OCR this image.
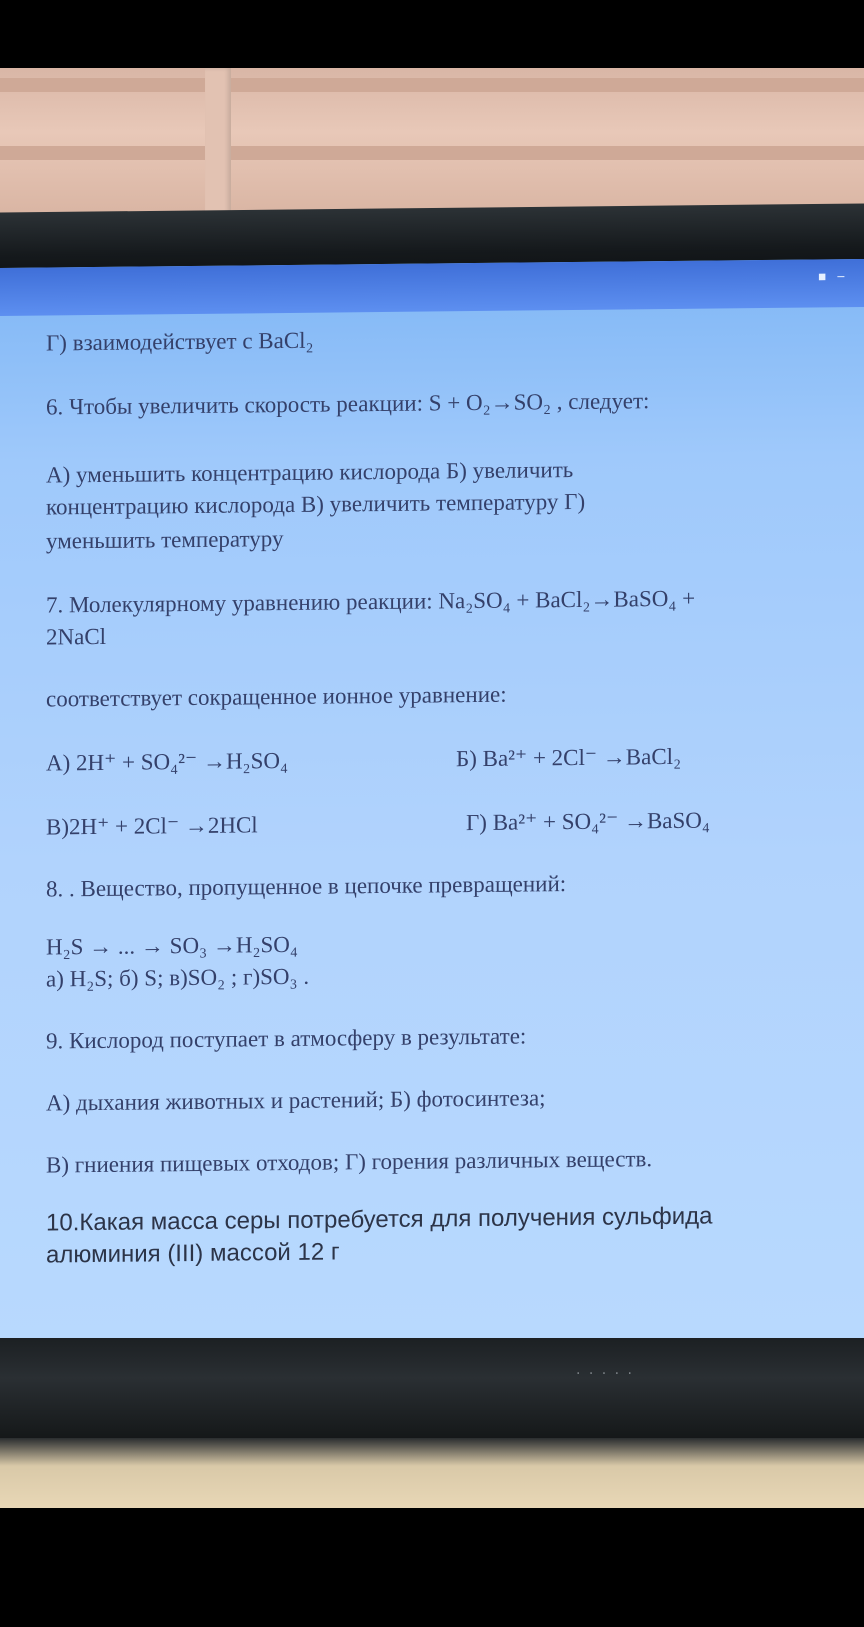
▪ ‒
Г) взаимодействует с BaCl₂
6. Чтобы увеличить скорость реакции: S + O₂→SO₂ , следует:
А) уменьшить концентрацию кислорода Б) увеличить
концентрацию кислорода В) увеличить температуру Г)
уменьшить температуру
7. Молекулярному уравнению реакции: Na₂SO₄ + BaCl₂→BaSO₄ +
2NaCl
соответствует сокращенное ионное уравнение:
А) 2H⁺ + SO₄²⁻ →H₂SO₄	Б) Ba²⁺ + 2Cl⁻ →BaCl₂
В)2H⁺ + 2Cl⁻ →2HCl	Г) Ba²⁺ + SO₄²⁻ →BaSO₄
8. . Вещество, пропущенное в цепочке превращений:
H₂S → ... → SO₃ →H₂SO₄
а) H₂S; б) S; в)SO₂ ; г)SO₃ .
9. Кислород поступает в атмосферу в результате:
А) дыхания животных и растений; Б) фотосинтеза;
В) гниения пищевых отходов; Г) горения различных веществ.
10.Какая масса серы потребуется для получения сульфида
алюминия (III) массой 12 г
· · · · ·
